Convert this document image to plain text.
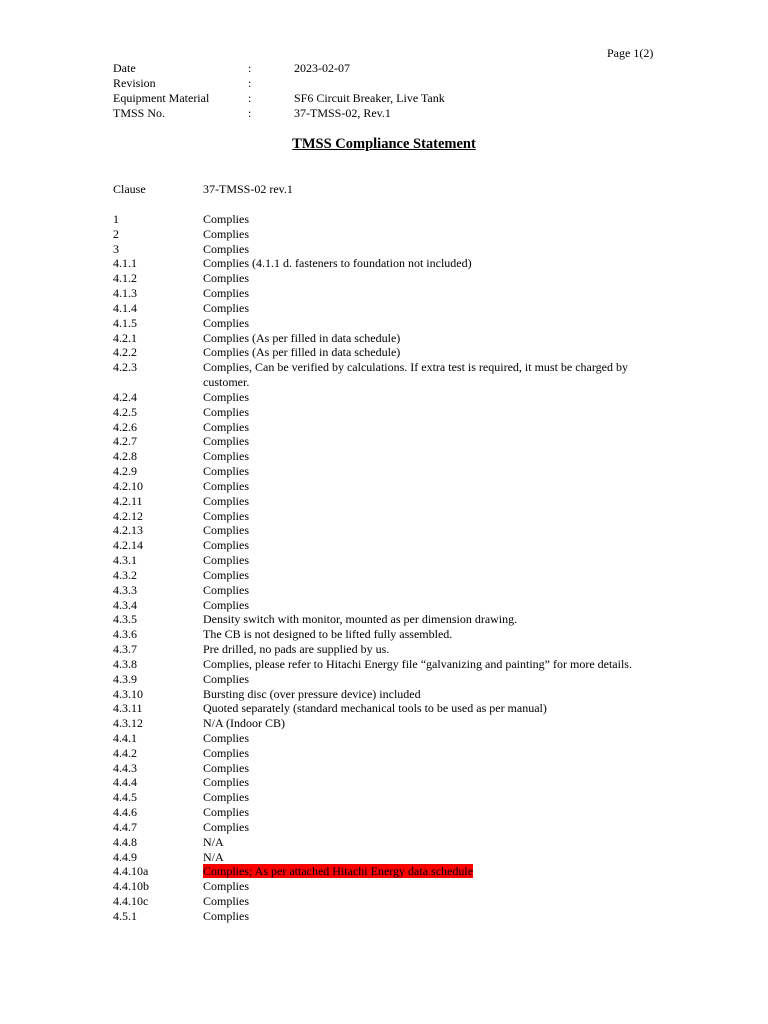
Page 1(2)
Date	:	2023-02-07
Revision	:
Equipment Material	:	SF6 Circuit Breaker, Live Tank
TMSS No.	:	37-TMSS-02, Rev.1
TMSS Compliance Statement
Clause	37-TMSS-02 rev.1
1	Complies
2	Complies
3	Complies
4.1.1	Complies (4.1.1 d. fasteners to foundation not included)
4.1.2	Complies
4.1.3	Complies
4.1.4	Complies
4.1.5	Complies
4.2.1	Complies (As per filled in data schedule)
4.2.2	Complies (As per filled in data schedule)
4.2.3	Complies, Can be verified by calculations. If extra test is required, it must be charged by customer.
4.2.4	Complies
4.2.5	Complies
4.2.6	Complies
4.2.7	Complies
4.2.8	Complies
4.2.9	Complies
4.2.10	Complies
4.2.11	Complies
4.2.12	Complies
4.2.13	Complies
4.2.14	Complies
4.3.1	Complies
4.3.2	Complies
4.3.3	Complies
4.3.4	Complies
4.3.5	Density switch with monitor, mounted as per dimension drawing.
4.3.6	The CB is not designed to be lifted fully assembled.
4.3.7	Pre drilled, no pads are supplied by us.
4.3.8	Complies, please refer to Hitachi Energy file “galvanizing and painting” for more details.
4.3.9	Complies
4.3.10	Bursting disc (over pressure device) included
4.3.11	Quoted separately (standard mechanical tools to be used as per manual)
4.3.12	N/A (Indoor CB)
4.4.1	Complies
4.4.2	Complies
4.4.3	Complies
4.4.4	Complies
4.4.5	Complies
4.4.6	Complies
4.4.7	Complies
4.4.8	N/A
4.4.9	N/A
4.4.10a	Complies; As per attached Hitachi Energy data schedule
4.4.10b	Complies
4.4.10c	Complies
4.5.1	Complies
